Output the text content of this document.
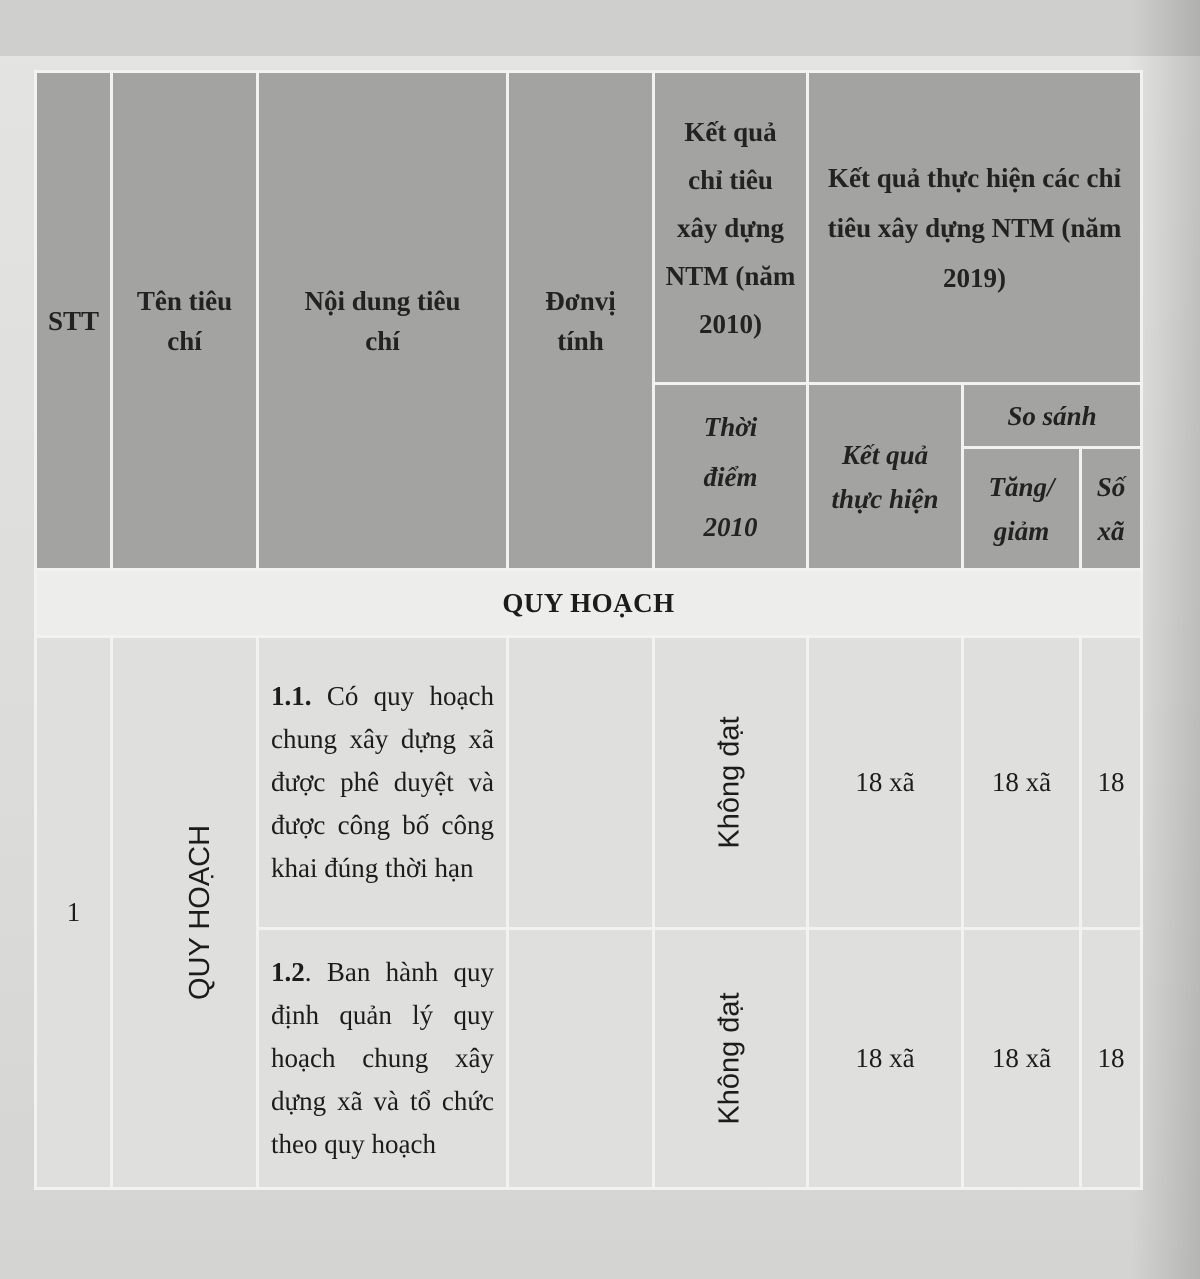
STT	Tên tiêu chí	Nội dung tiêu chí	Đơnvị tính	Kết quả chỉ tiêu xây dựng NTM (năm 2010)	Kết quả thực hiện các chỉ tiêu xây dựng NTM (năm 2019)		
				Thời điểm 2010	Kết quả thực hiện	So sánh	
						Tăng/ giảm	Số xã
QUY HOẠCH							
1	QUY HOẠCH	1.1. Có quy hoạch chung xây dựng xã được phê duyệt và được công bố công khai đúng thời hạn		Không đạt	18 xã	18 xã	18
		1.2. Ban hành quy định quản lý quy hoạch chung xây dựng xã và tổ chức theo quy hoạch		Không đạt	18 xã	18 xã	18
